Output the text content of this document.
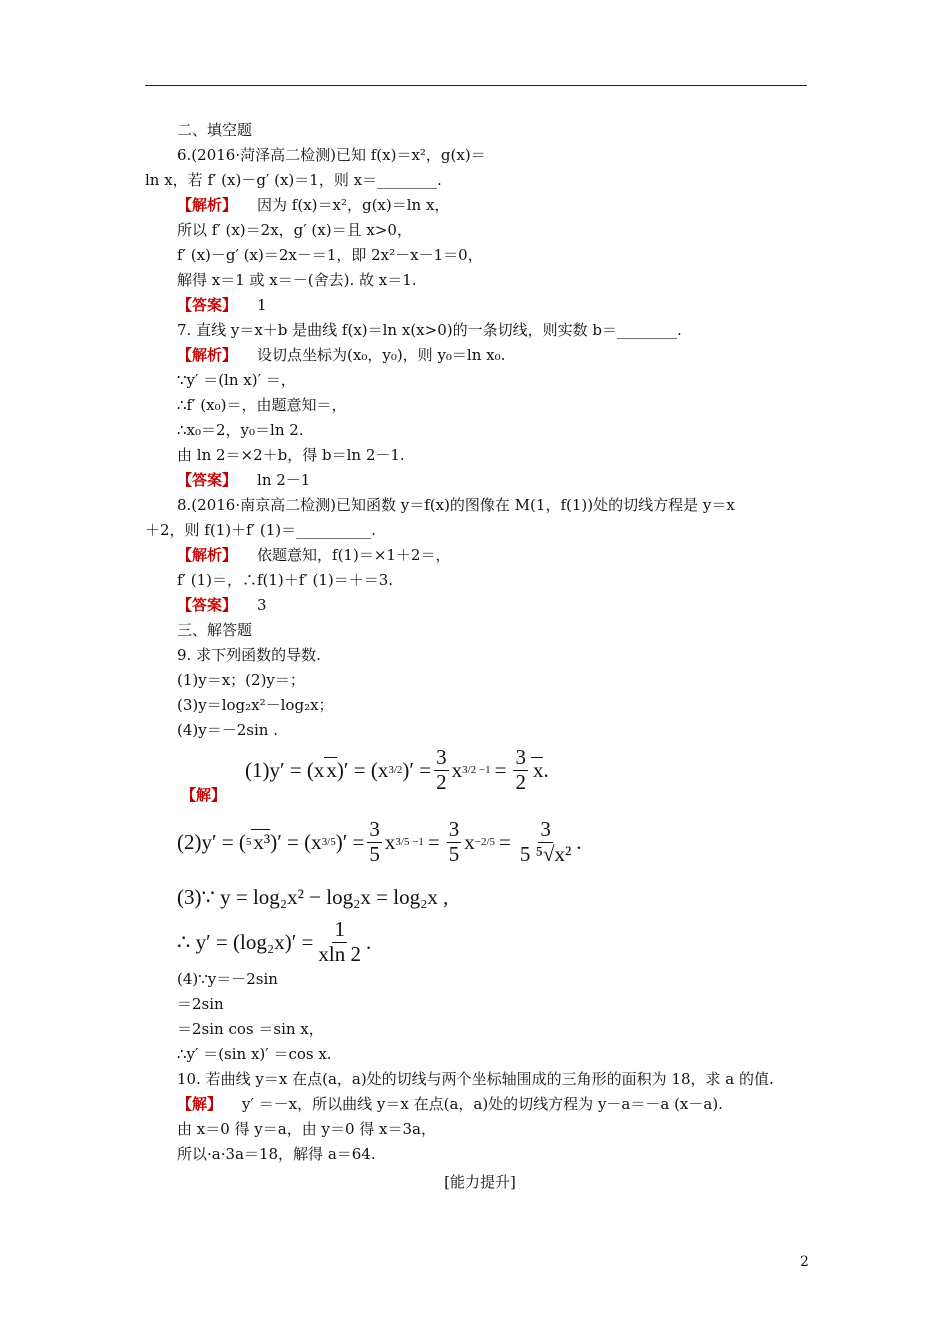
二、填空题
6.(2016·菏泽高二检测)已知 f(x)＝x²，g(x)＝
ln x，若 f′ (x)－g′ (x)＝1，则 x＝________.
【解析】 因为 f(x)＝x²，g(x)＝ln x，
所以 f′ (x)＝2x，g′ (x)＝且 x>0，
f′ (x)－g′ (x)＝2x－＝1，即 2x²－x－1＝0，
解得 x＝1 或 x＝－(舍去). 故 x＝1.
【答案】 1
7. 直线 y＝x＋b 是曲线 f(x)＝ln x(x>0)的一条切线，则实数 b＝________.
【解析】 设切点坐标为(x₀，y₀)，则 y₀＝ln x₀.
∵y′ ＝(ln x)′ ＝，
∴f′ (x₀)＝，由题意知＝，
∴x₀＝2，y₀＝ln 2.
由 ln 2＝×2＋b，得 b＝ln 2－1.
【答案】 ln 2－1
8.(2016·南京高二检测)已知函数 y＝f(x)的图像在 M(1，f(1))处的切线方程是 y＝x
＋2，则 f(1)＋f′ (1)＝__________.
【解析】 依题意知，f(1)＝×1＋2＝，
f′ (1)＝，∴f(1)＋f′ (1)＝＋＝3.
【答案】 3
三、解答题
9. 求下列函数的导数.
(1)y＝x；(2)y＝；
(3)y＝log₂x²－log₂x；
(4)y＝－2sin .
(1)y′ = (x x )′ = (x 3/2 )′ = $\frac{3}{2}$ x $3/2 -1 = \frac{3}{2}$ x .
【解】
(2)y′ = ( 5 x³ )′ = (x 3/5 )′ = $\frac{3}{5}$ x $3/5 -1 = \frac{3}{5}$ $x -2/5 = \frac{3}{\text{5 ⁵√x²}}$ .
(3)∵ y = log₂x² − log₂x = log₂x ,
∴ $y' = (\log_2x)' = \frac{1}{xln 2}$ .
(4)∵y＝－2sin
＝2sin
＝2sin cos ＝sin x，
∴y′ ＝(sin x)′ ＝cos x.
10. 若曲线 y＝x 在点(a，a)处的切线与两个坐标轴围成的三角形的面积为 18，求 a 的值.
【解】 y′ ＝－x，所以曲线 y＝x 在点(a，a)处的切线方程为 y－a＝－a (x－a).
由 x＝0 得 y＝a，由 y＝0 得 x＝3a，
所以·a·3a＝18，解得 a＝64.
[能力提升]
2
